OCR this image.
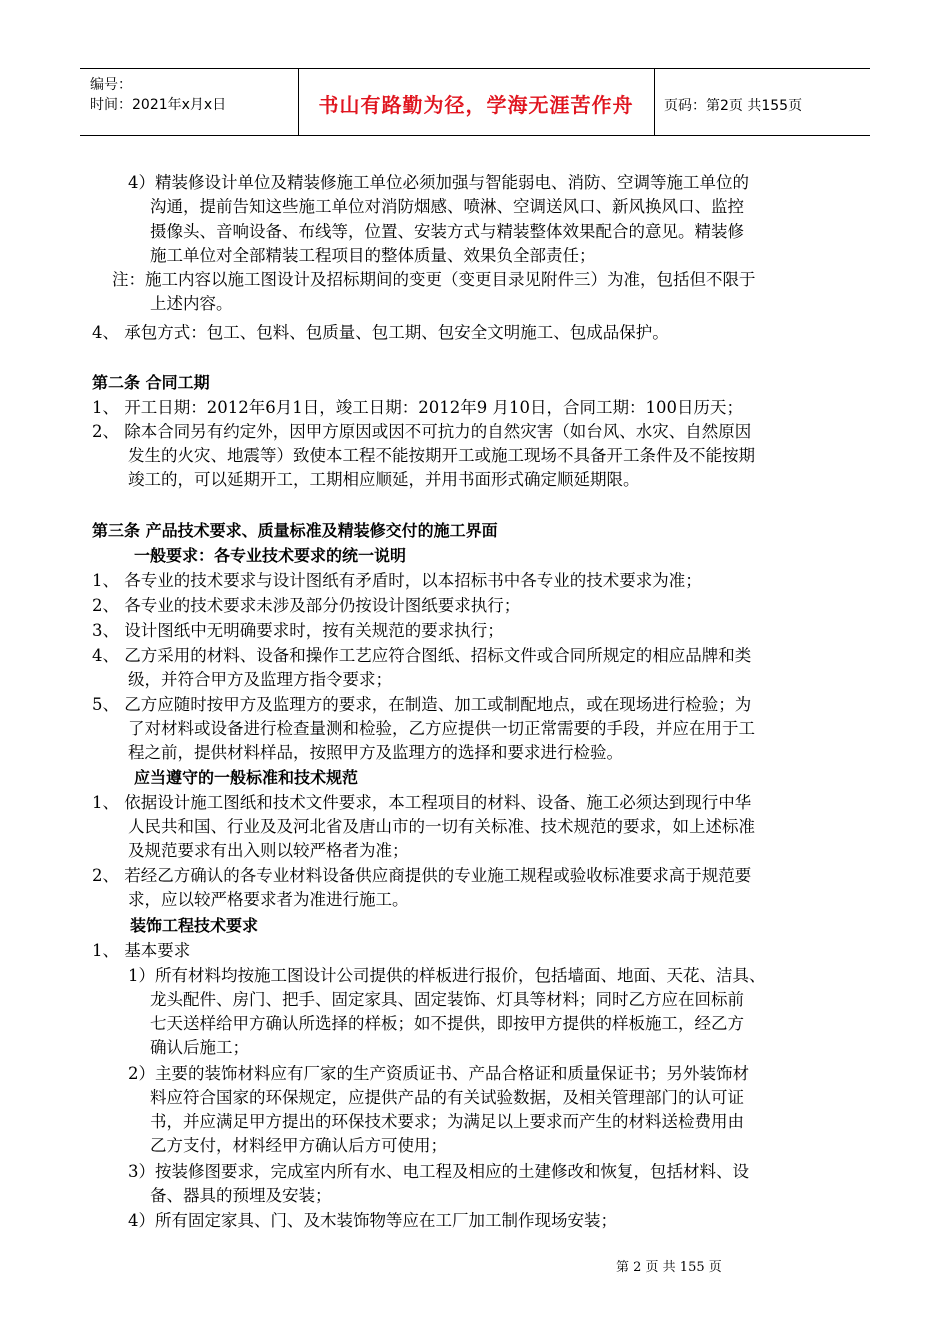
编号：
时间：2021年x月x日	书山有路勤为径，学海无涯苦作舟	页码：第2页 共155页
4）精装修设计单位及精装修施工单位必须加强与智能弱电、消防、空调等施工单位的
沟通，提前告知这些施工单位对消防烟感、喷淋、空调送风口、新风换风口、监控
摄像头、音响设备、布线等，位置、安装方式与精装整体效果配合的意见。精装修
施工单位对全部精装工程项目的整体质量、效果负全部责任；
注：施工内容以施工图设计及招标期间的变更（变更目录见附件三）为准，包括但不限于
上述内容。
4、 承包方式：包工、包料、包质量、包工期、包安全文明施工、包成品保护。
第二条 合同工期
1、 开工日期：2012年6月1日，竣工日期：2012年9 月10日，合同工期：100日历天；
2、 除本合同另有约定外，因甲方原因或因不可抗力的自然灾害（如台风、水灾、自然原因
发生的火灾、地震等）致使本工程不能按期开工或施工现场不具备开工条件及不能按期
竣工的，可以延期开工，工期相应顺延，并用书面形式确定顺延期限。
第三条 产品技术要求、质量标准及精装修交付的施工界面
一般要求：各专业技术要求的统一说明
1、 各专业的技术要求与设计图纸有矛盾时，以本招标书中各专业的技术要求为准；
2、 各专业的技术要求未涉及部分仍按设计图纸要求执行；
3、 设计图纸中无明确要求时，按有关规范的要求执行；
4、 乙方采用的材料、设备和操作工艺应符合图纸、招标文件或合同所规定的相应品牌和类
级，并符合甲方及监理方指令要求；
5、 乙方应随时按甲方及监理方的要求，在制造、加工或制配地点，或在现场进行检验；为
了对材料或设备进行检查量测和检验，乙方应提供一切正常需要的手段，并应在用于工
程之前，提供材料样品，按照甲方及监理方的选择和要求进行检验。
应当遵守的一般标准和技术规范
1、 依据设计施工图纸和技术文件要求，本工程项目的材料、设备、施工必须达到现行中华
人民共和国、行业及及河北省及唐山市的一切有关标准、技术规范的要求，如上述标准
及规范要求有出入则以较严格者为准；
2、 若经乙方确认的各专业材料设备供应商提供的专业施工规程或验收标准要求高于规范要
求，应以较严格要求者为准进行施工。
装饰工程技术要求
1、 基本要求
1）所有材料均按施工图设计公司提供的样板进行报价，包括墙面、地面、天花、洁具、
龙头配件、房门、把手、固定家具、固定装饰、灯具等材料；同时乙方应在回标前
七天送样给甲方确认所选择的样板；如不提供，即按甲方提供的样板施工，经乙方
确认后施工；
2）主要的装饰材料应有厂家的生产资质证书、产品合格证和质量保证书；另外装饰材
料应符合国家的环保规定，应提供产品的有关试验数据，及相关管理部门的认可证
书，并应满足甲方提出的环保技术要求；为满足以上要求而产生的材料送检费用由
乙方支付，材料经甲方确认后方可使用；
3）按装修图要求，完成室内所有水、电工程及相应的土建修改和恢复，包括材料、设
备、器具的预埋及安装；
4）所有固定家具、门、及木装饰物等应在工厂加工制作现场安装；
第 2 页 共 155 页
